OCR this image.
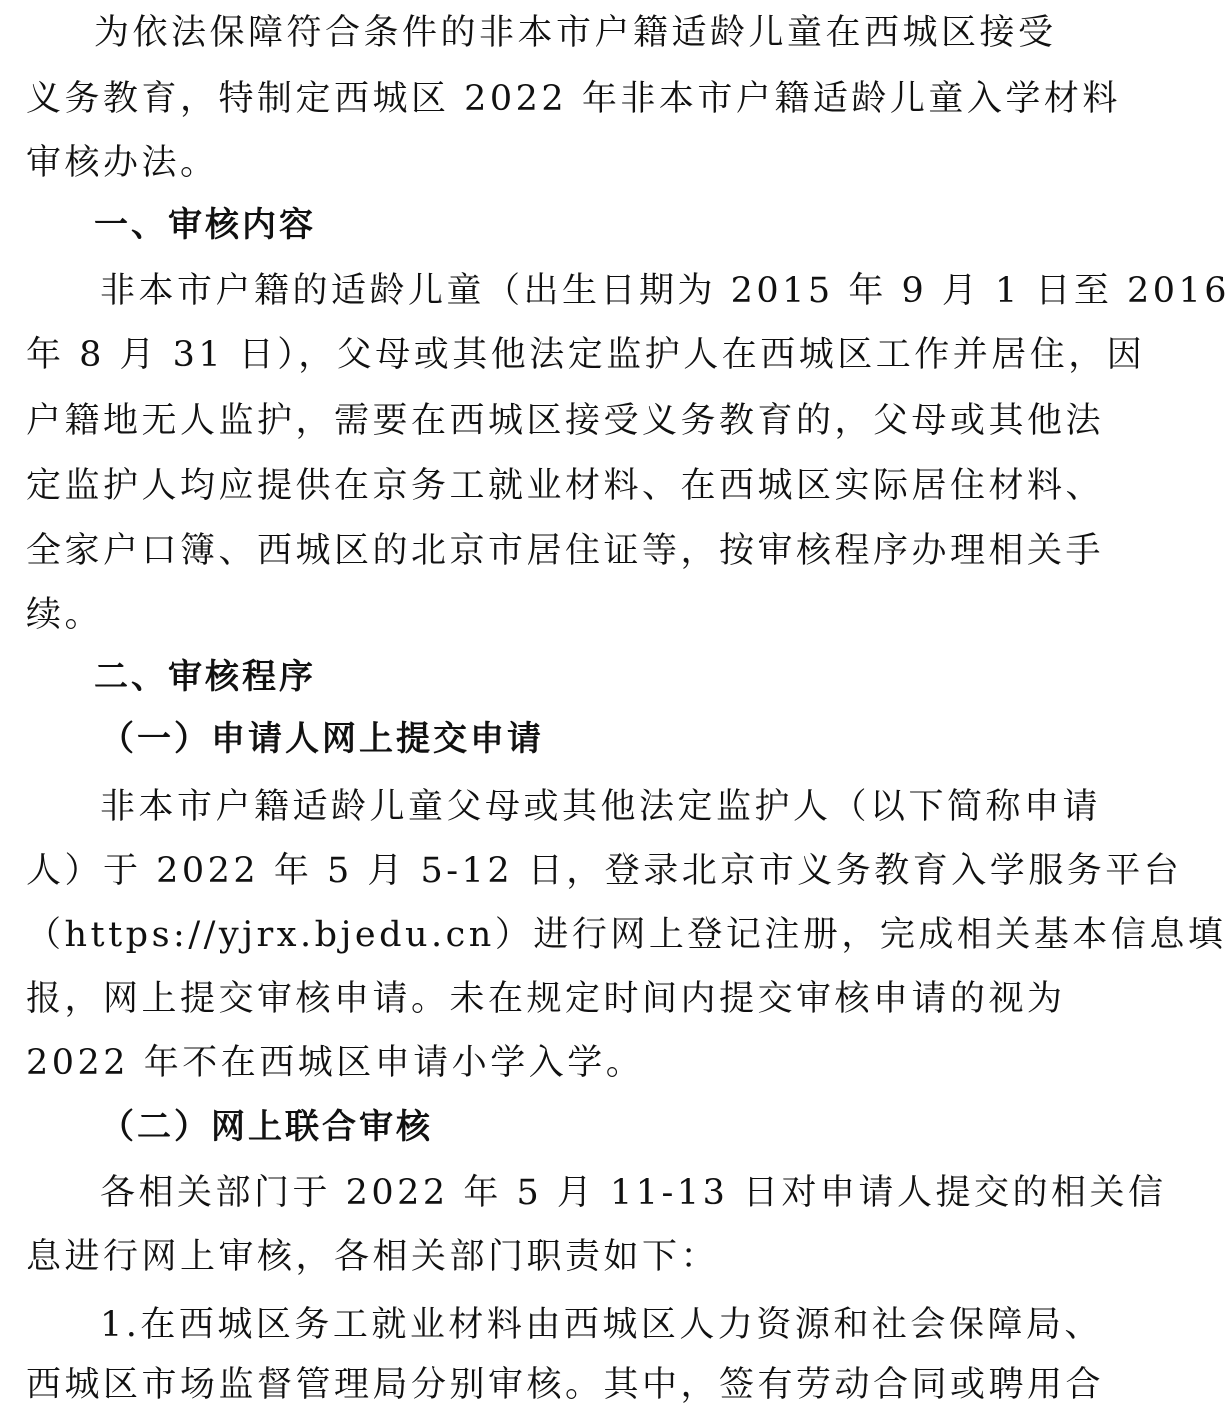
为依法保障符合条件的非本市户籍适龄儿童在西城区接受
义务教育，特制定西城区 2022 年非本市户籍适龄儿童入学材料
审核办法。
一、审核内容
非本市户籍的适龄儿童（出生日期为 2015 年 9 月 1 日至 2016
年 8 月 31 日），父母或其他法定监护人在西城区工作并居住，因
户籍地无人监护，需要在西城区接受义务教育的，父母或其他法
定监护人均应提供在京务工就业材料、在西城区实际居住材料、
全家户口簿、西城区的北京市居住证等，按审核程序办理相关手
续。
二、审核程序
（一）申请人网上提交申请
非本市户籍适龄儿童父母或其他法定监护人（以下简称申请
人）于 2022 年 5 月 5-12 日，登录北京市义务教育入学服务平台
（https://yjrx.bjedu.cn）进行网上登记注册，完成相关基本信息填
报，网上提交审核申请。未在规定时间内提交审核申请的视为
2022 年不在西城区申请小学入学。
（二）网上联合审核
各相关部门于 2022 年 5 月 11-13 日对申请人提交的相关信
息进行网上审核，各相关部门职责如下：
1.在西城区务工就业材料由西城区人力资源和社会保障局、
西城区市场监督管理局分别审核。其中，签有劳动合同或聘用合
